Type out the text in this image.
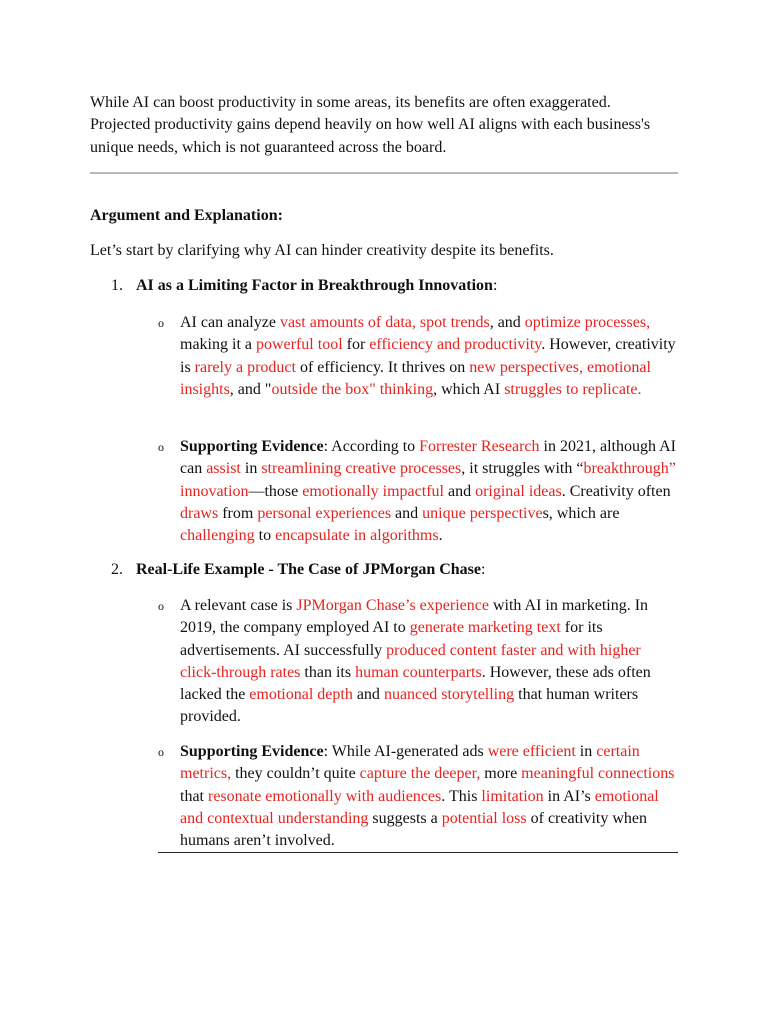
While AI can boost productivity in some areas, its benefits are often exaggerated.
Projected productivity gains depend heavily on how well AI aligns with each business's
unique needs, which is not guaranteed across the board.
Argument and Explanation:
Let’s start by clarifying why AI can hinder creativity despite its benefits.
1. AI as a Limiting Factor in Breakthrough Innovation:
o AI can analyze vast amounts of data, spot trends, and optimize processes, making it a powerful tool for efficiency and productivity. However, creativity is rarely a product of efficiency. It thrives on new perspectives, emotional insights, and "outside the box" thinking, which AI struggles to replicate.
o Supporting Evidence: According to Forrester Research in 2021, although AI can assist in streamlining creative processes, it struggles with “breakthrough” innovation—those emotionally impactful and original ideas. Creativity often draws from personal experiences and unique perspectives, which are challenging to encapsulate in algorithms.
2. Real-Life Example - The Case of JPMorgan Chase:
o A relevant case is JPMorgan Chase’s experience with AI in marketing. In 2019, the company employed AI to generate marketing text for its advertisements. AI successfully produced content faster and with higher click-through rates than its human counterparts. However, these ads often lacked the emotional depth and nuanced storytelling that human writers provided.
o Supporting Evidence: While AI-generated ads were efficient in certain metrics, they couldn’t quite capture the deeper, more meaningful connections that resonate emotionally with audiences. This limitation in AI’s emotional and contextual understanding suggests a potential loss of creativity when humans aren’t involved.
